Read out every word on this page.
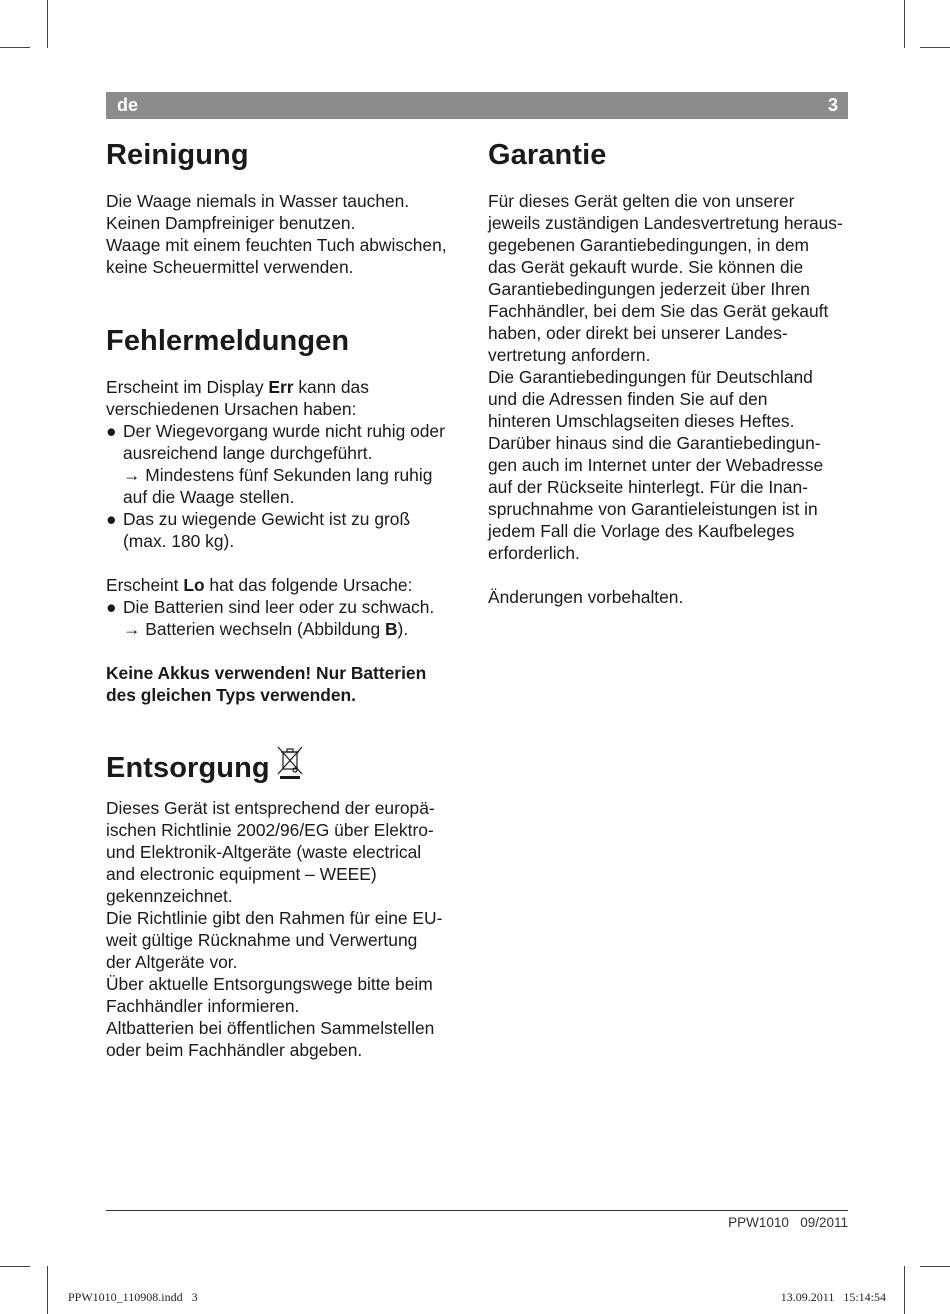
de	3
Reinigung

Die Waage niemals in Wasser tauchen.

Keinen Dampfreiniger benutzen.

Waage mit einem feuchten Tuch abwischen,

keine Scheuermittel verwenden.

Fehlermeldungen

Erscheint im Display Err kann das

verschiedenen Ursachen haben:

● Der Wiegevorgang wurde nicht ruhig oder

ausreichend lange durchgeführt.

→ Mindestens fünf Sekunden lang ruhig

auf die Waage stellen.

● Das zu wiegende Gewicht ist zu groß

(max. 180 kg).

Erscheint Lo hat das folgende Ursache:

● Die Batterien sind leer oder zu schwach.

→ Batterien wechseln (Abbildung B).

Keine Akkus verwenden! Nur Batterien

des gleichen Typs verwenden.

Entsorgung

Dieses Gerät ist entsprechend der europä-

ischen Richtlinie 2002/96/EG über Elektro-

und Elektronik-Altgeräte (waste electrical

and electronic equipment – WEEE)

gekennzeichnet.

Die Richtlinie gibt den Rahmen für eine EU-

weit gültige Rücknahme und Verwertung

der Altgeräte vor.

Über aktuelle Entsorgungswege bitte beim

Fachhändler informieren.

Altbatterien bei öffentlichen Sammelstellen

oder beim Fachhändler abgeben.

Garantie

Für dieses Gerät gelten die von unserer

jeweils zuständigen Landesvertretung heraus-

gegebenen Garantiebedingungen, in dem

das Gerät gekauft wurde. Sie können die

Garantiebedingungen jederzeit über Ihren

Fachhändler, bei dem Sie das Gerät gekauft

haben, oder direkt bei unserer Landes-

vertretung anfordern.

Die Garantiebedingungen für Deutschland

und die Adressen finden Sie auf den

hinteren Umschlagseiten dieses Heftes.

Darüber hinaus sind die Garantiebedingun-

gen auch im Internet unter der Webadresse

auf der Rückseite hinterlegt. Für die Inan-

spruchnahme von Garantieleistungen ist in

jedem Fall die Vorlage des Kaufbeleges

erforderlich.

Änderungen vorbehalten.

PPW1010 09/2011
PPW1010_110908.indd   3	13.09.2011   15:14:54
